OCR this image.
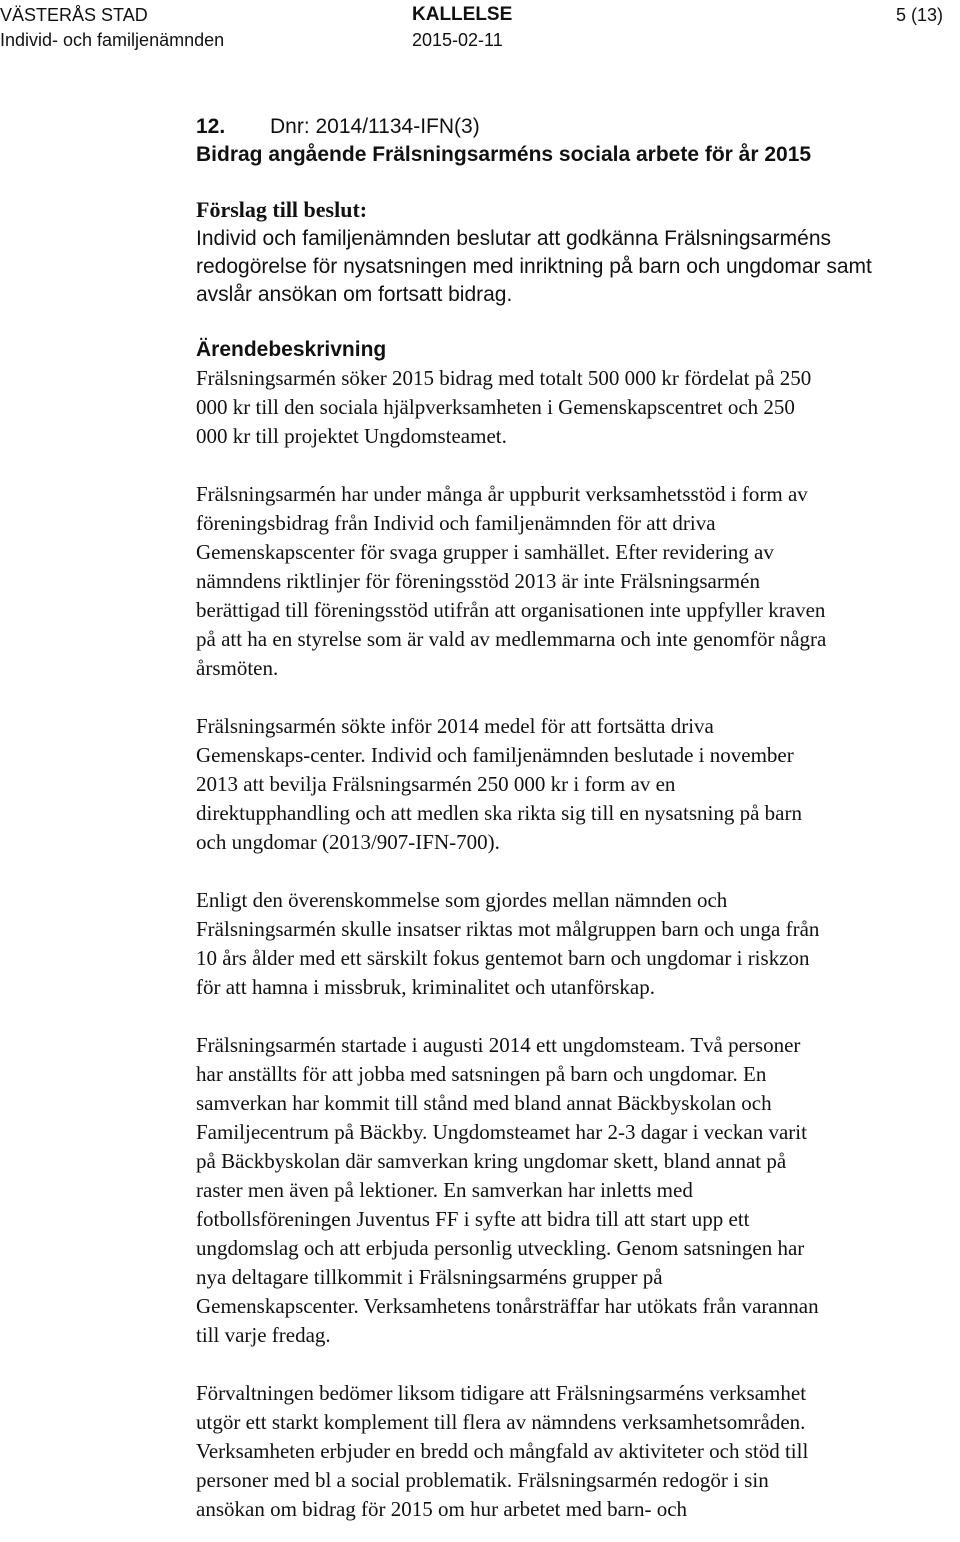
VÄSTERÅS STAD	KALLELSE	5 (13)
Individ- och familjenämnden	2015-02-11
12. Dnr: 2014/1134-IFN(3)
Bidrag angående Frälsningsarméns sociala arbete för år 2015
Förslag till beslut:
Individ och familjenämnden beslutar att godkänna Frälsningsarméns
redogörelse för nysatsningen med inriktning på barn och ungdomar samt
avslår ansökan om fortsatt bidrag.
Ärendebeskrivning
Frälsningsarmén söker 2015 bidrag med totalt 500 000 kr fördelat på 250
000 kr till den sociala hjälpverksamheten i Gemenskapscentret och 250
000 kr till projektet Ungdomsteamet.
Frälsningsarmén har under många år uppburit verksamhetsstöd i form av
föreningsbidrag från Individ och familjenämnden för att driva
Gemenskapscenter för svaga grupper i samhället. Efter revidering av
nämndens riktlinjer för föreningsstöd 2013 är inte Frälsningsarmén
berättigad till föreningsstöd utifrån att organisationen inte uppfyller kraven
på att ha en styrelse som är vald av medlemmarna och inte genomför några
årsmöten.
Frälsningsarmén sökte inför 2014 medel för att fortsätta driva
Gemenskaps-center. Individ och familjenämnden beslutade i november
2013 att bevilja Frälsningsarmén 250 000 kr i form av en
direktupphandling och att medlen ska rikta sig till en nysatsning på barn
och ungdomar (2013/907-IFN-700).
Enligt den överenskommelse som gjordes mellan nämnden och
Frälsningsarmén skulle insatser riktas mot målgruppen barn och unga från
10 års ålder med ett särskilt fokus gentemot barn och ungdomar i riskzon
för att hamna i missbruk, kriminalitet och utanförskap.
Frälsningsarmén startade i augusti 2014 ett ungdomsteam. Två personer
har anställts för att jobba med satsningen på barn och ungdomar. En
samverkan har kommit till stånd med bland annat Bäckbyskolan och
Familjecentrum på Bäckby. Ungdomsteamet har 2-3 dagar i veckan varit
på Bäckbyskolan där samverkan kring ungdomar skett, bland annat på
raster men även på lektioner. En samverkan har inletts med
fotbollsföreningen Juventus FF i syfte att bidra till att start upp ett
ungdomslag och att erbjuda personlig utveckling. Genom satsningen har
nya deltagare tillkommit i Frälsningsarméns grupper på
Gemenskapscenter. Verksamhetens tonårsträffar har utökats från varannan
till varje fredag.
Förvaltningen bedömer liksom tidigare att Frälsningsarméns verksamhet
utgör ett starkt komplement till flera av nämndens verksamhetsområden.
Verksamheten erbjuder en bredd och mångfald av aktiviteter och stöd till
personer med bl a social problematik. Frälsningsarmén redogör i sin
ansökan om bidrag för 2015 om hur arbetet med barn- och
